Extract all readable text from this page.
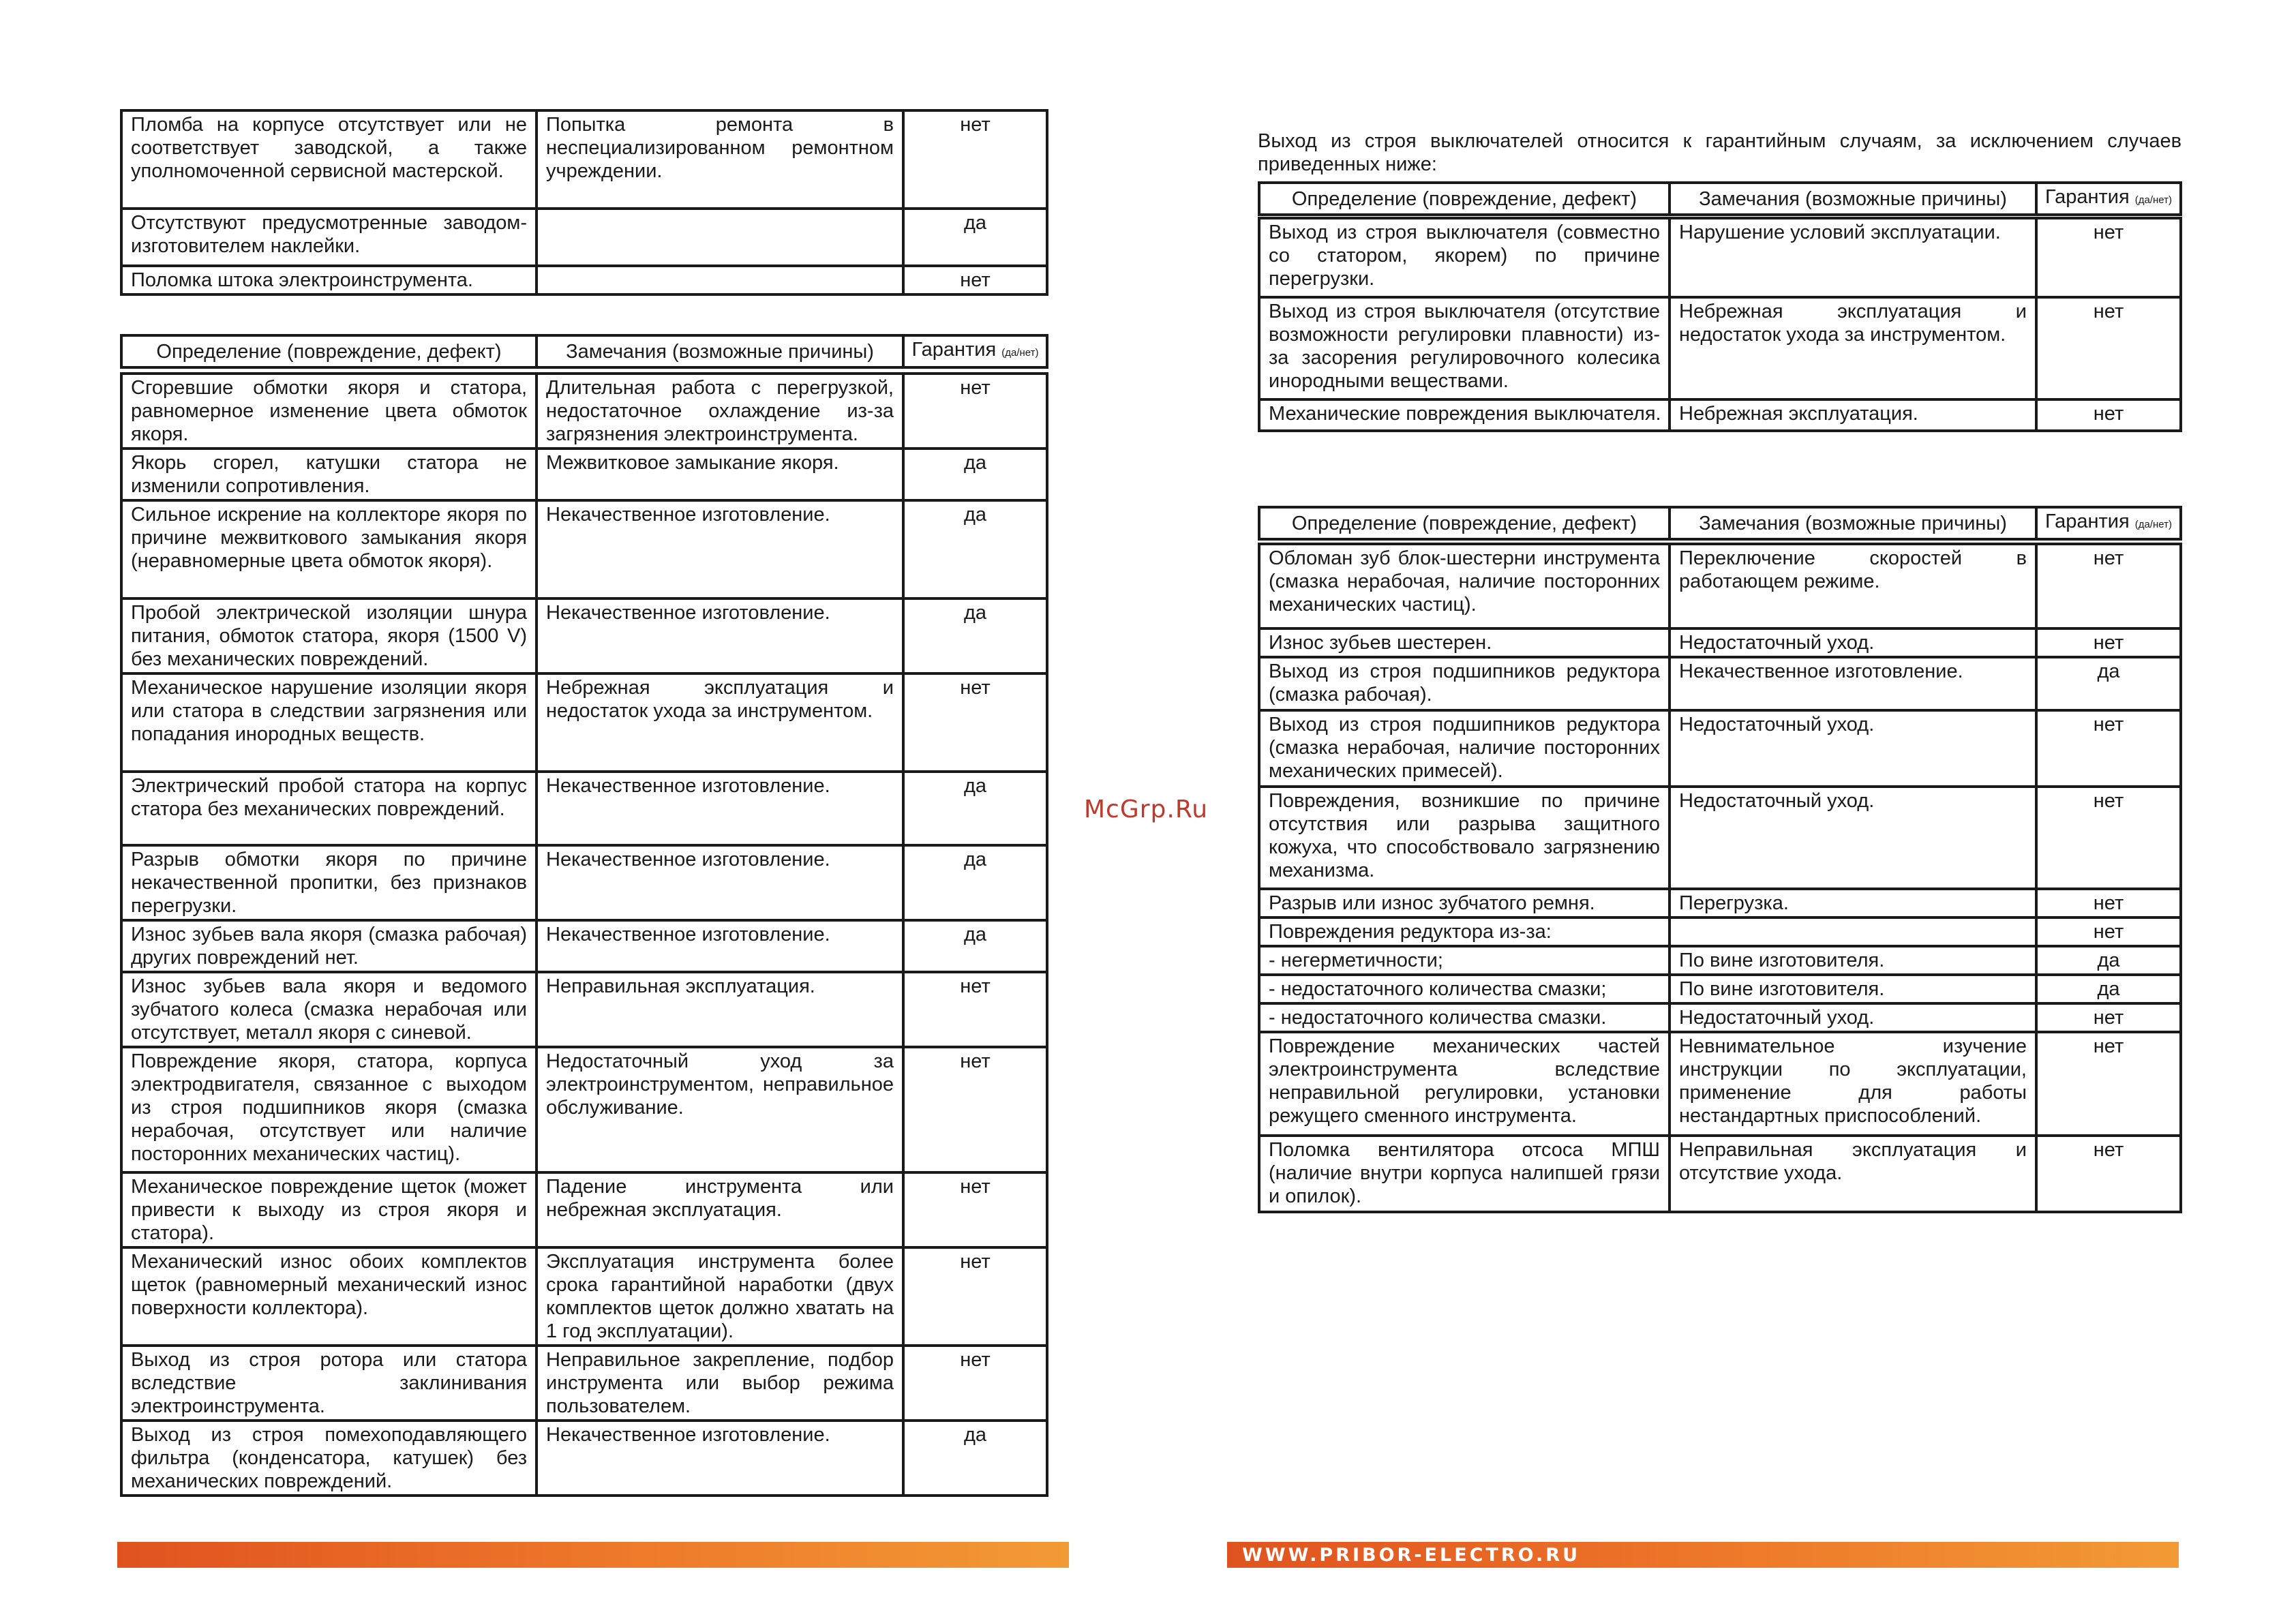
Пломба на корпусе отсутствует или не соответствует заводской, а также уполномоченной сервисной мастерской.	Попытка ремонта в неспециализированном ремонтном учреждении.	нет
Отсутствуют предусмотренные заводом-изготовителем наклейки.		да
Поломка штока электроинструмента.		нет
Определение (повреждение, дефект)	Замечания (возможные причины)	Гарантия (да/нет)
Сгоревшие обмотки якоря и статора, равномерное изменение цвета обмоток якоря.	Длительная работа с перегрузкой, недостаточное охлаждение из-за загрязнения электроинструмента.	нет
Якорь сгорел, катушки статора не изменили сопротивления.	Межвитковое замыкание якоря.	да
Сильное искрение на коллекторе якоря по причине межвиткового замыкания якоря (неравномерные цвета обмоток якоря).	Некачественное изготовление.	да
Пробой электрической изоляции шнура питания, обмоток статора, якоря (1500 V) без механических повреждений.	Некачественное изготовление.	да
Механическое нарушение изоляции якоря или статора в следствии загрязнения или попадания инородных веществ.	Небрежная эксплуатация и недостаток ухода за инструментом.	нет
Электрический пробой статора на корпус статора без механических повреждений.	Некачественное изготовление.	да
Разрыв обмотки якоря по причине некачественной пропитки, без признаков перегрузки.	Некачественное изготовление.	да
Износ зубьев вала якоря (смазка рабочая) других повреждений нет.	Некачественное изготовление.	да
Износ зубьев вала якоря и ведомого зубчатого колеса (смазка нерабочая или отсутствует, металл якоря с синевой.	Неправильная эксплуатация.	нет
Повреждение якоря, статора, корпуса электродвигателя, связанное с выходом из строя подшипников якоря (смазка нерабочая, отсутствует или наличие посторонних механических частиц).	Недостаточный уход за электроинструментом, неправильное обслуживание.	нет
Механическое повреждение щеток (может привести к выходу из строя якоря и статора).	Падение инструмента или небрежная эксплуатация.	нет
Механический износ обоих комплектов щеток (равномерный механический износ поверхности коллектора).	Эксплуатация инструмента более срока гарантийной наработки (двух комплектов щеток должно хватать на 1 год эксплуатации).	нет
Выход из строя ротора или статора вследствие заклинивания электроинструмента.	Неправильное закрепление, подбор инструмента или выбор режима пользователем.	нет
Выход из строя помехоподавляющего фильтра (конденсатора, катушек) без механических повреждений.	Некачественное изготовление.	да
McGrp.Ru
Выход из строя выключателей относится к гарантийным случаям, за исключением случаев приведенных ниже:
Определение (повреждение, дефект)	Замечания (возможные причины)	Гарантия (да/нет)
Выход из строя выключателя (совместно со статором, якорем) по причине перегрузки.	Нарушение условий эксплуатации.	нет
Выход из строя выключателя (отсутствие возможности регулировки плавности) из-за засорения регулировочного колесика инородными веществами.	Небрежная эксплуатация и недостаток ухода за инструментом.	нет
Механические повреждения выключателя.	Небрежная эксплуатация.	нет
Определение (повреждение, дефект)	Замечания (возможные причины)	Гарантия (да/нет)
Обломан зуб блок-шестерни инструмента (смазка нерабочая, наличие посторонних механических частиц).	Переключение скоростей в работающем режиме.	нет
Износ зубьев шестерен.	Недостаточный уход.	нет
Выход из строя подшипников редуктора (смазка рабочая).	Некачественное изготовление.	да
Выход из строя подшипников редуктора (смазка нерабочая, наличие посторонних механических примесей).	Недостаточный уход.	нет
Повреждения, возникшие по причине отсутствия или разрыва защитного кожуха, что способствовало загрязнению механизма.	Недостаточный уход.	нет
Разрыв или износ зубчатого ремня.	Перегрузка.	нет
Повреждения редуктора из-за:		нет
- негерметичности;	По вине изготовителя.	да
- недостаточного количества смазки;	По вине изготовителя.	да
- недостаточного количества смазки.	Недостаточный уход.	нет
Повреждение механических частей электроинструмента вследствие неправильной регулировки, установки режущего сменного инструмента.	Невнимательное изучение инструкции по эксплуатации, применение для работы нестандартных приспособлений.	нет
Поломка вентилятора отсоса МПШ (наличие внутри корпуса налипшей грязи и опилок).	Неправильная эксплуатация и отсутствие ухода.	нет
WWW.PRIBOR-ELECTRO.RU
